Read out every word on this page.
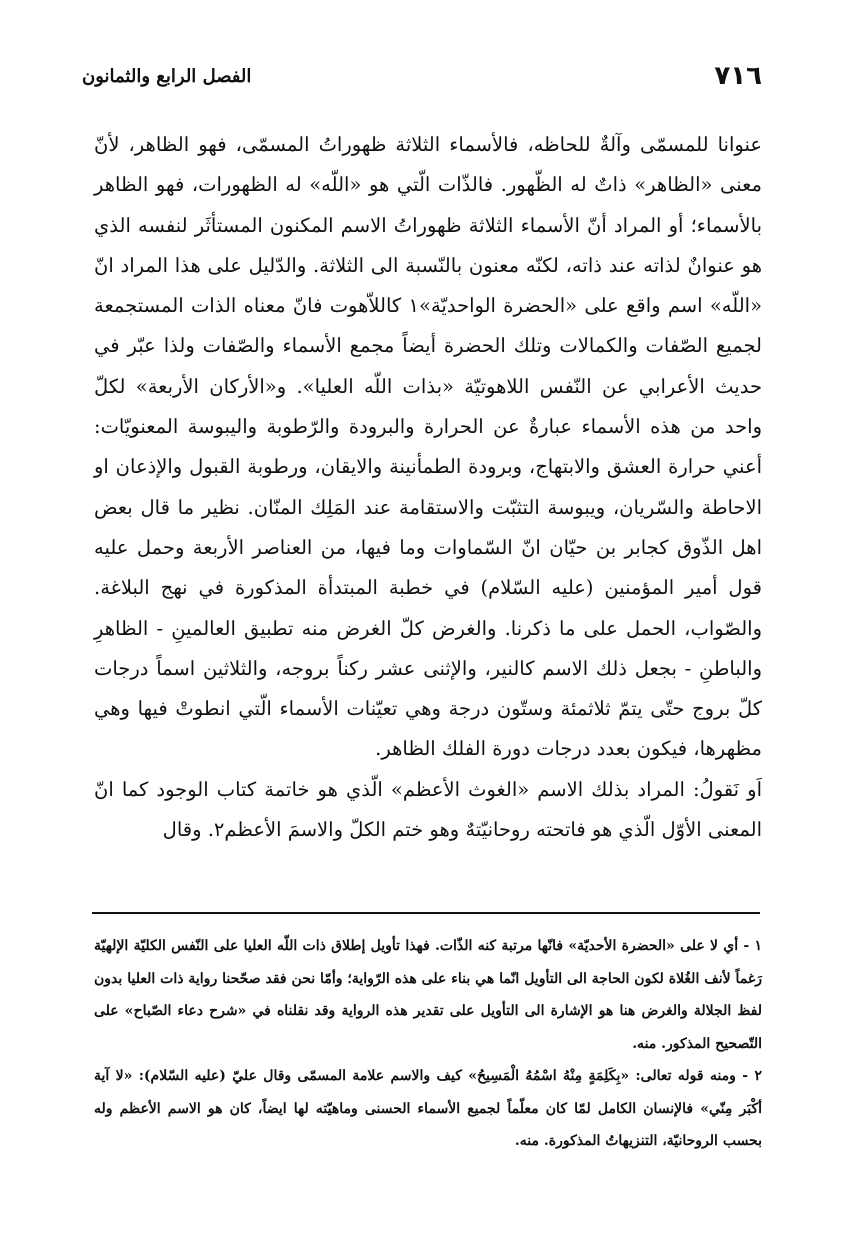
٧١٦
الفصل الرابع والثمانون

عنوانا للمسمّى وآلةٌ للحاظه، فالأسماء الثلاثة ظهوراتُ المسمّى، فهو الظاهر، لأنّ معنى «الظاهر» ذاتٌ له الظّهور. فالذّات الّتي هو «اللّه» له الظهورات، فهو الظاهر بالأسماء؛ أو المراد أنّ الأسماء الثلاثة ظهوراتُ الاسم المكنون المستأثَر لنفسه الذي هو عنوانٌ لذاته عند ذاته، لكنّه معنون بالنّسبة الى الثلاثة. والدّليل على هذا المراد انّ «اللّه» اسم واقع على «الحضرة الواحديّة»١ كاللاّهوت فانّ معناه الذات المستجمعة لجميع الصّفات والكمالات وتلك الحضرة أيضاً مجمع الأسماء والصّفات ولذا عبّر في حديث الأعرابي عن النّفس اللاهوتيّة «بذات اللّه العليا». و«الأركان الأربعة» لكلّ واحد من هذه الأسماء عبارةٌ عن الحرارة والبرودة والرّطوبة واليبوسة المعنويّات: أعني حرارة العشق والابتهاج، وبرودة الطمأنينة والايقان، ورطوبة القبول والإذعان او الاحاطة والسّريان، ويبوسة التثبّت والاستقامة عند المَلِك المنّان. نظير ما قال بعض اهل الذّوق كجابر بن حيّان انّ السّماوات وما فيها، من العناصر الأربعة وحمل عليه قول أمير المؤمنين (عليه السّلام) في خطبة المبتدأة المذكورة في نهج البلاغة. والصّواب، الحمل على ما ذكرنا. والغرض كلّ الغرض منه تطبيق العالمينِ - الظاهرِ والباطنِ - بجعل ذلك الاسم كالنير، والإثنى عشر ركناً بروجه، والثلاثين اسماً درجات كلّ بروج حتّى يتمّ ثلاثمئة وستّون درجة وهي تعيّنات الأسماء الّتي انطوتْ فيها وهي مظهرها، فيكون بعدد درجات دورة الفلك الظاهر.

اَو نَقولُ: المراد بذلك الاسم «الغوث الأعظم» الّذي هو خاتمة كتاب الوجود كما انّ المعنى الأوّل الّذي هو فاتحته روحانيّتهٌ وهو ختم الكلّ والاسمَ الأعظم٢. وقال

١ - أي لا على «الحضرة الأحديّة» فانّها مرتبة كنه الذّات. فهذا تأويل إطلاق ذات اللّه العليا على النّفس الكليّة الإلهيّة رَغماً لأنف الغُلاة لكون الحاجة الى التأويل انّما هي بناء على هذه الرّواية؛ وأمّا نحن فقد صحّحنا رواية ذات العليا بدون لفظ الجلالة والغرض هنا هو الإشارة الى التأويل على تقدير هذه الرواية وقد نقلناه في «شرح دعاء الصّباح» على التّصحيح المذكور. منه.

٢ - ومنه قوله تعالى: «بِكَلِمَةٍ مِنْهُ اسْمُهُ الْمَسِيحُ» كيف والاسم علامة المسمّى وقال عليّ (عليه السّلام): «لا آية أكْبَر مِنّي» فالإنسان الكامل لمّا كان معلّماً لجميع الأسماء الحسنى وماهيّته لها ايضاً، كان هو الاسم الأعظم وله بحسب الروحانيّة، التنزيهاتُ المذكورة. منه.
